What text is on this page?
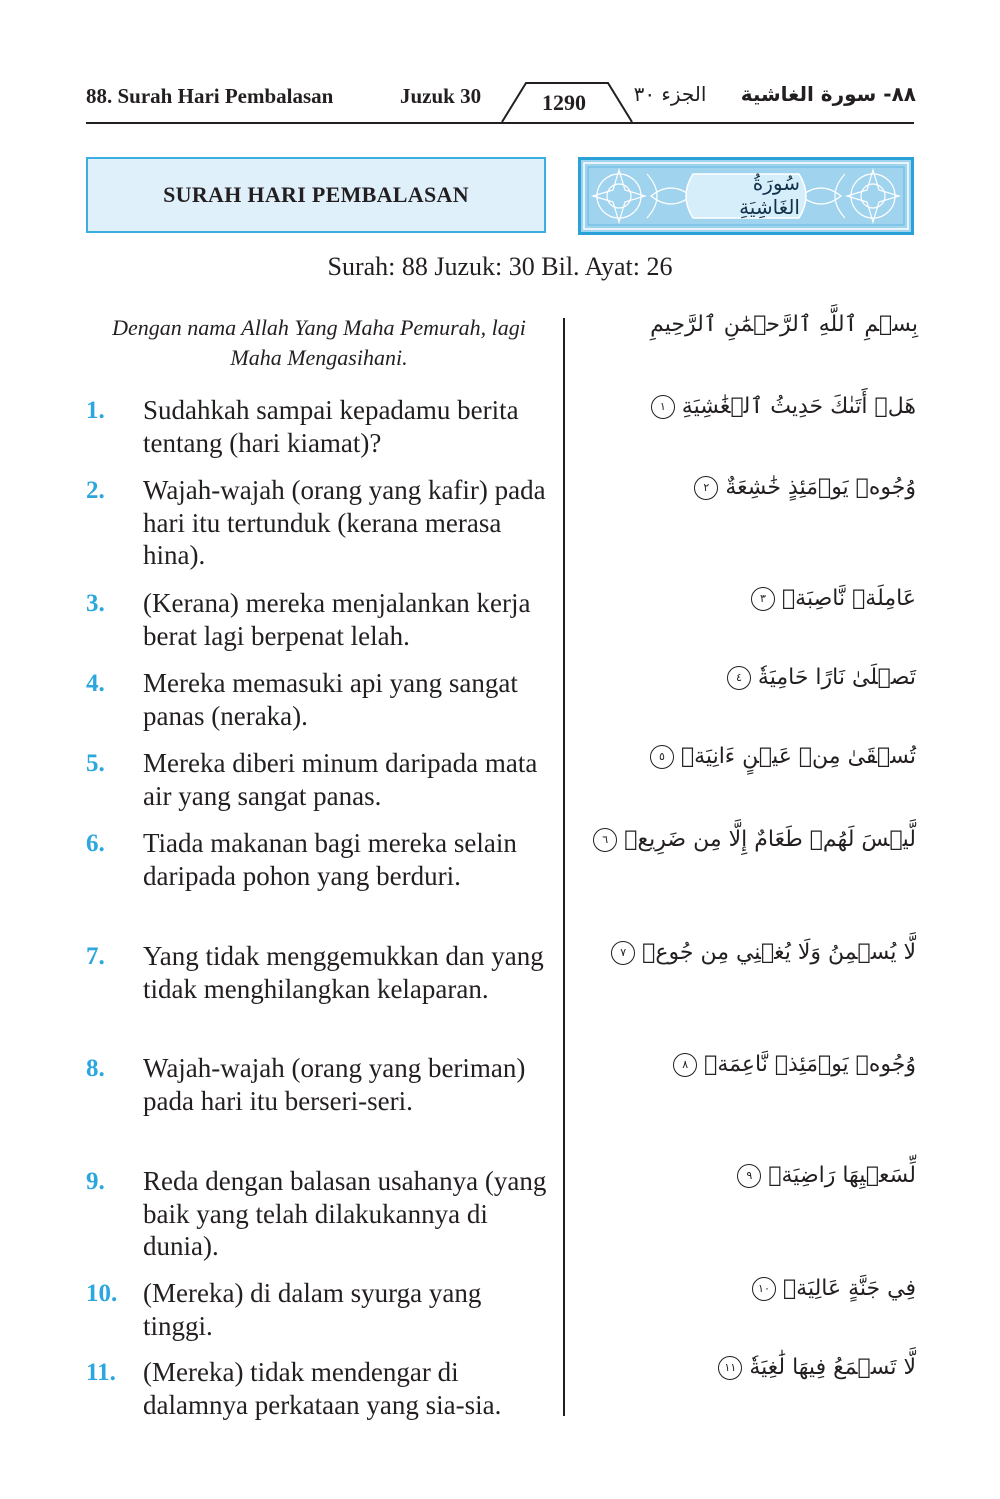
88. Surah Hari Pembalasan	Juzuk 30	1290	الجزء ٣٠	٨٨- سورة الغاشية
SURAH HARI PEMBALASAN	سُورَةُ الغَاشِيَةِ
Surah: 88 Juzuk: 30 Bil. Ayat: 26
Dengan nama Allah Yang Maha Pemurah, lagi Maha Mengasihani.
بِسۡمِ ٱللَّهِ ٱلرَّحۡمَٰنِ ٱلرَّحِيمِ
1. Sudahkah sampai kepadamu berita tentang (hari kiamat)?
هَلۡ أَتَىٰكَ حَدِيثُ ٱلۡغَٰشِيَةِ ١
2. Wajah-wajah (orang yang kafir) pada hari itu tertunduk (kerana merasa hina).
وُجُوهٞ يَوۡمَئِذٍ خَٰشِعَةٌ ٢
3. (Kerana) mereka menjalankan kerja berat lagi berpenat lelah.
عَامِلَةٞ نَّاصِبَةٞ ٣
4. Mereka memasuki api yang sangat panas (neraka).
تَصۡلَىٰ نَارًا حَامِيَةٗ ٤
5. Mereka diberi minum daripada mata air yang sangat panas.
تُسۡقَىٰ مِنۡ عَيۡنٍ ءَانِيَةٖ ٥
6. Tiada makanan bagi mereka selain daripada pohon yang berduri.
لَّيۡسَ لَهُمۡ طَعَامٌ إِلَّا مِن ضَرِيعٖ ٦
7. Yang tidak menggemukkan dan yang tidak menghilangkan kelaparan.
لَّا يُسۡمِنُ وَلَا يُغۡنِي مِن جُوعٖ ٧
8. Wajah-wajah (orang yang beriman) pada hari itu berseri-seri.
وُجُوهٞ يَوۡمَئِذٖ نَّاعِمَةٞ ٨
9. Reda dengan balasan usahanya (yang baik yang telah dilakukannya di dunia).
لِّسَعۡيِهَا رَاضِيَةٞ ٩
10. (Mereka) di dalam syurga yang tinggi.
فِي جَنَّةٍ عَالِيَةٖ ١٠
11. (Mereka) tidak mendengar di dalamnya perkataan yang sia-sia.
لَّا تَسۡمَعُ فِيهَا لَٰغِيَةٗ ١١
